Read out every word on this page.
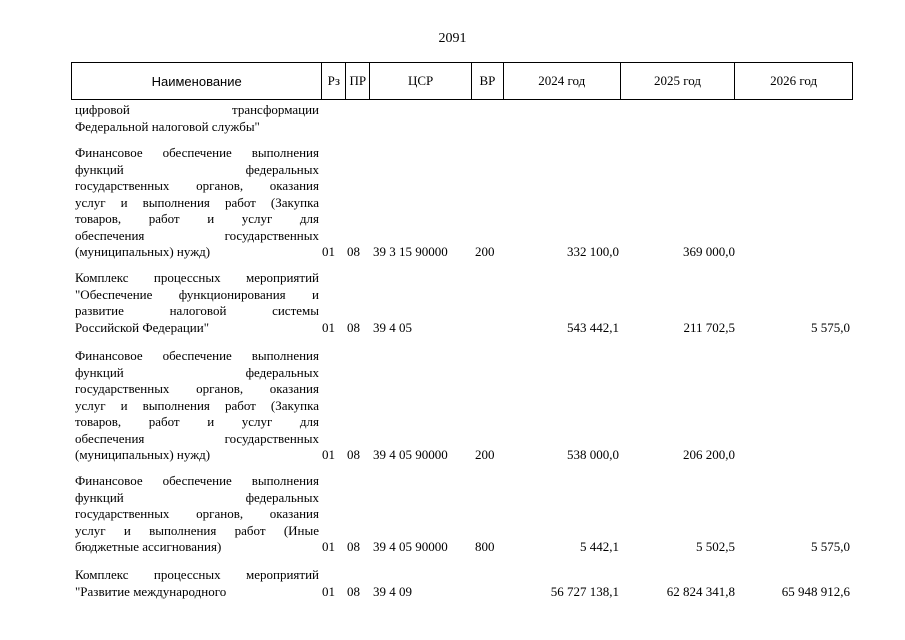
2091
Наименование	Рз ПР	ЦСР	ВР	2024 год	2025 год	2026 год
цифровой трансформации
Федеральной налоговой службы"
Финансовое обеспечение выполнения
функций федеральных
государственных органов, оказания
услуг и выполнения работ (Закупка
товаров, работ и услуг для
обеспечения государственных
(муниципальных) нужд)	01 08 39 3 15 90000 200	332 100,0	369 000,0
Комплекс процессных мероприятий
"Обеспечение функционирования и
развитие налоговой системы
Российской Федерации"	01 08 39 4 05	543 442,1	211 702,5	5 575,0
Финансовое обеспечение выполнения
функций федеральных
государственных органов, оказания
услуг и выполнения работ (Закупка
товаров, работ и услуг для
обеспечения государственных
(муниципальных) нужд)	01 08 39 4 05 90000 200	538 000,0	206 200,0
Финансовое обеспечение выполнения
функций федеральных
государственных органов, оказания
услуг и выполнения работ (Иные
бюджетные ассигнования)	01 08 39 4 05 90000 800	5 442,1	5 502,5	5 575,0
Комплекс процессных мероприятий
"Развитие международного	01 08 39 4 09	56 727 138,1	62 824 341,8	65 948 912,6
